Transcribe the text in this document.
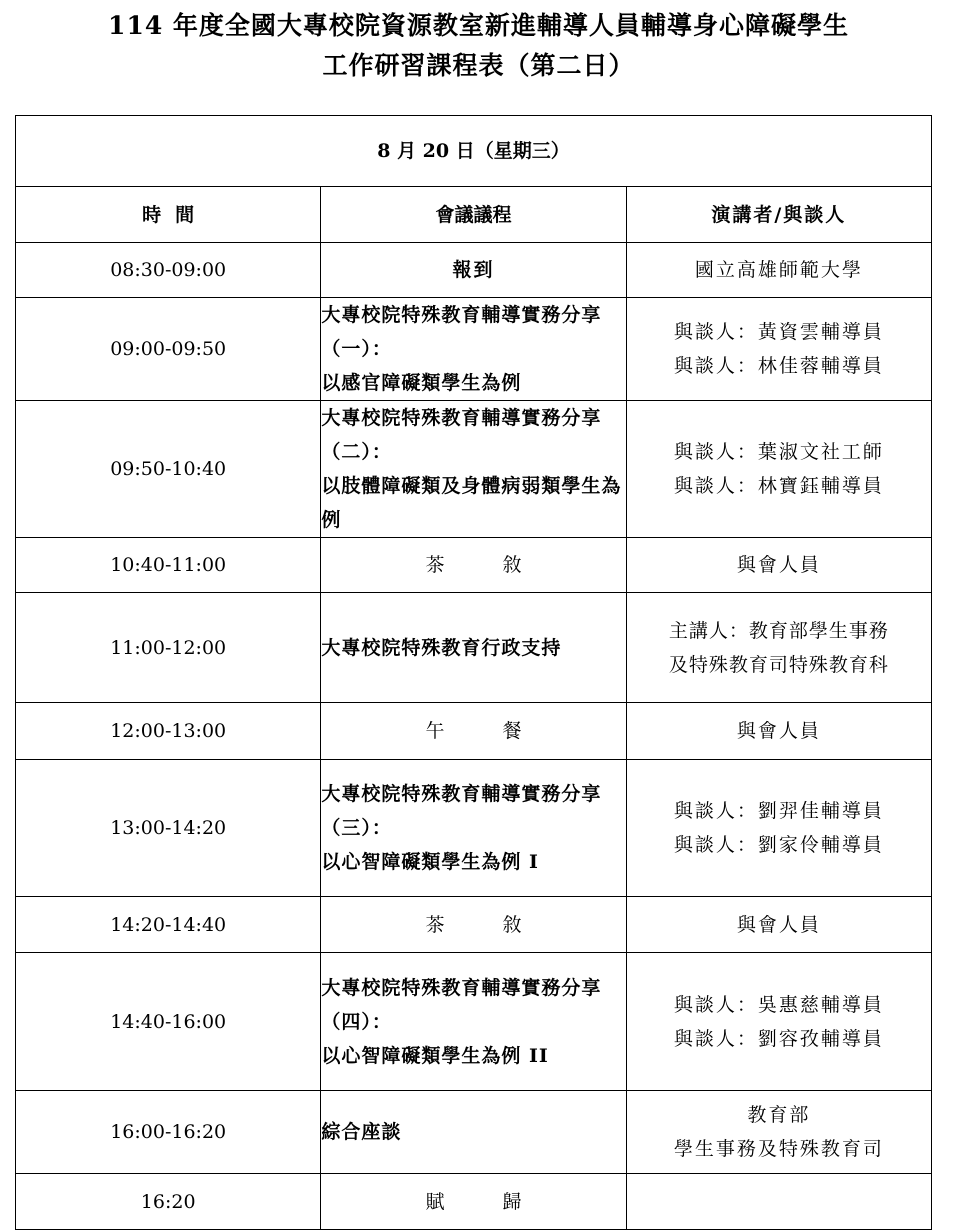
114 年度全國大專校院資源教室新進輔導人員輔導身心障礙學生
工作研習課程表（第二日）
8 月 20 日（星期三）		
時間	會議議程	演講者/與談人
08:30-09:00	報到	國立高雄師範大學
09:00-09:50	大專校院特殊教育輔導實務分享（一）：
以感官障礙類學生為例	與談人：黃資雲輔導員
與談人：林佳蓉輔導員

09:50-10:40	大專校院特殊教育輔導實務分享（二）：
以肢體障礙類及身體病弱類學生為例	與談人：葉淑文社工師
與談人：林寶鈺輔導員

10:40-11:00	茶敘	與會人員
11:00-12:00	大專校院特殊教育行政支持	主講人：教育部學生事務
及特殊教育司特殊教育科

12:00-13:00	午餐	與會人員
13:00-14:20	大專校院特殊教育輔導實務分享（三）：
以心智障礙類學生為例 I	與談人：劉羿佳輔導員
與談人：劉家伶輔導員

14:20-14:40	茶敘	與會人員
14:40-16:00	大專校院特殊教育輔導實務分享（四）：
以心智障礙類學生為例 II	與談人：吳惠慈輔導員
與談人：劉容孜輔導員

16:00-16:20	綜合座談	教育部
學生事務及特殊教育司

16:20	賦歸	
